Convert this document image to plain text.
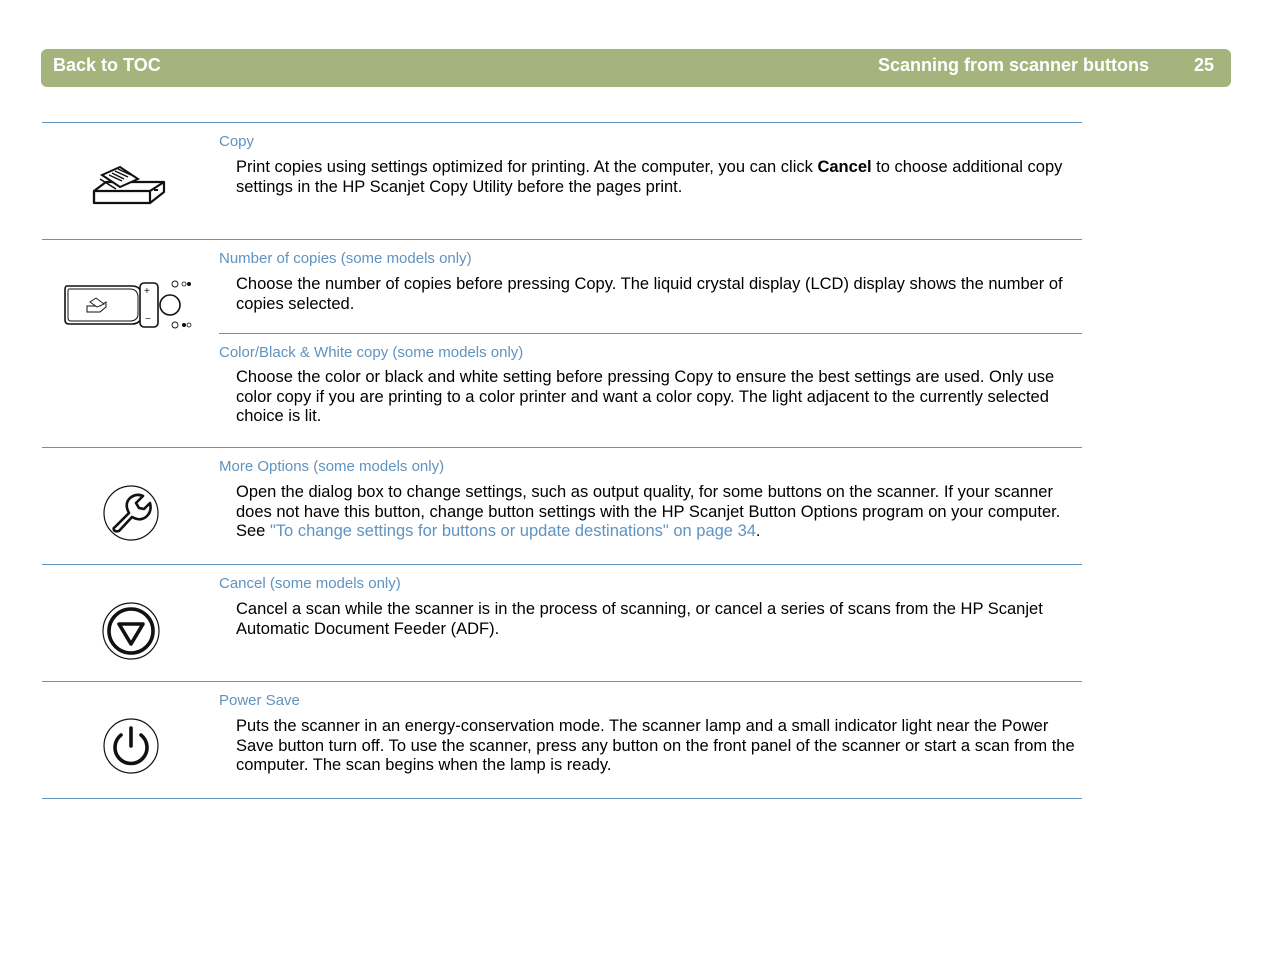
Back to TOC	Scanning from scanner buttons 25
Copy
Print copies using settings optimized for printing. At the computer, you can click Cancel to choose additional copy settings in the HP Scanjet Copy Utility before the pages print.
+
−
Number of copies (some models only)
Choose the number of copies before pressing Copy. The liquid crystal display (LCD) display shows the number of copies selected.
Color/Black & White copy (some models only)
Choose the color or black and white setting before pressing Copy to ensure the best settings are used. Only use color copy if you are printing to a color printer and want a color copy. The light adjacent to the currently selected choice is lit.
More Options (some models only)
Open the dialog box to change settings, such as output quality, for some buttons on the scanner. If your scanner does not have this button, change button settings with the HP Scanjet Button Options program on your computer. See "To change settings for buttons or update destinations" on page 34.
Cancel (some models only)
Cancel a scan while the scanner is in the process of scanning, or cancel a series of scans from the HP Scanjet Automatic Document Feeder (ADF).
Power Save
Puts the scanner in an energy-conservation mode. The scanner lamp and a small indicator light near the Power Save button turn off. To use the scanner, press any button on the front panel of the scanner or start a scan from the computer. The scan begins when the lamp is ready.
